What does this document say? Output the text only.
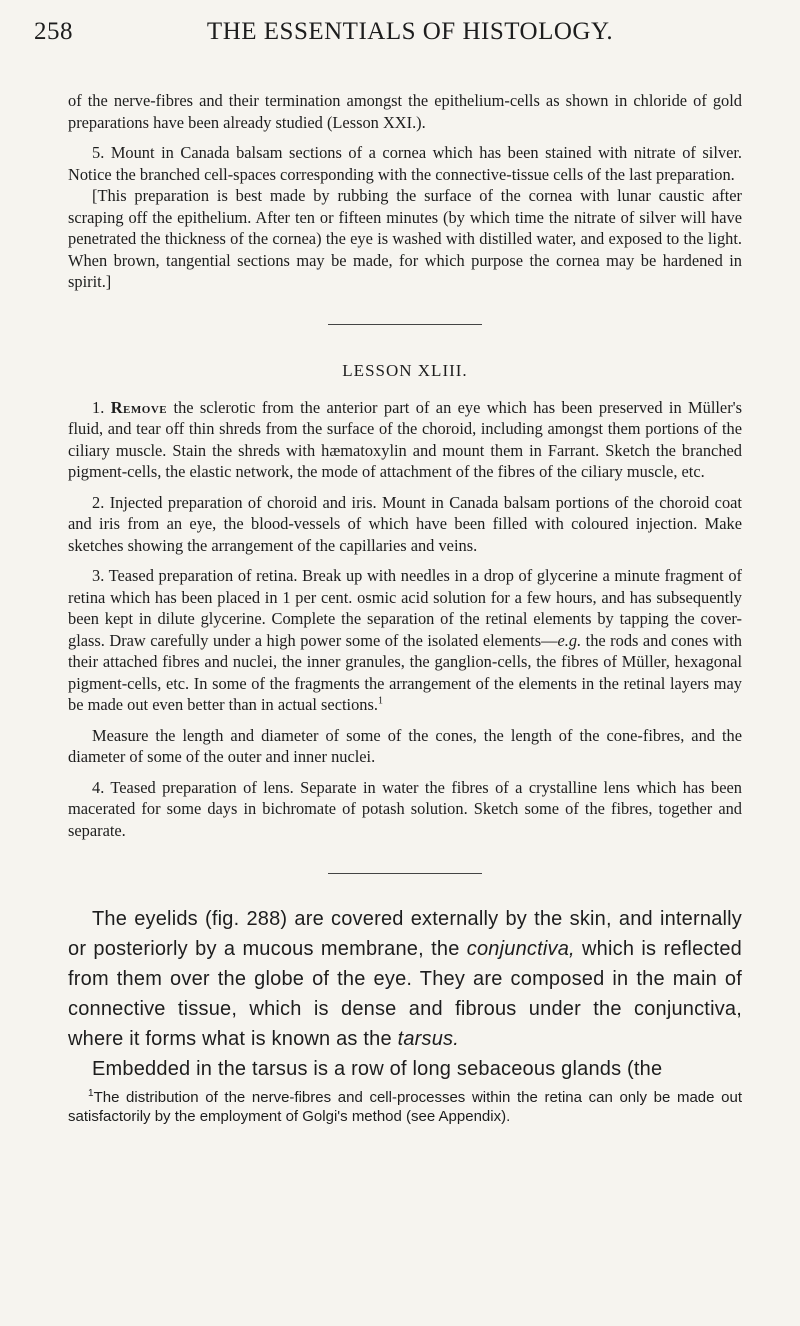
258	THE ESSENTIALS OF HISTOLOGY.

of the nerve-fibres and their termination amongst the epithelium-cells as shown in chloride of gold preparations have been already studied (Lesson XXI.).

5. Mount in Canada balsam sections of a cornea which has been stained with nitrate of silver. Notice the branched cell-spaces corresponding with the connective-tissue cells of the last preparation.

[This preparation is best made by rubbing the surface of the cornea with lunar caustic after scraping off the epithelium. After ten or fifteen minutes (by which time the nitrate of silver will have penetrated the thickness of the cornea) the eye is washed with distilled water, and exposed to the light. When brown, tangential sections may be made, for which purpose the cornea may be hardened in spirit.]

LESSON XLIII.

1. Remove the sclerotic from the anterior part of an eye which has been preserved in Müller's fluid, and tear off thin shreds from the surface of the choroid, including amongst them portions of the ciliary muscle. Stain the shreds with hæmatoxylin and mount them in Farrant. Sketch the branched pigment-cells, the elastic network, the mode of attachment of the fibres of the ciliary muscle, etc.

2. Injected preparation of choroid and iris. Mount in Canada balsam portions of the choroid coat and iris from an eye, the blood-vessels of which have been filled with coloured injection. Make sketches showing the arrangement of the capillaries and veins.

3. Teased preparation of retina. Break up with needles in a drop of glycerine a minute fragment of retina which has been placed in 1 per cent. osmic acid solution for a few hours, and has subsequently been kept in dilute glycerine. Complete the separation of the retinal elements by tapping the cover-glass. Draw carefully under a high power some of the isolated elements—e.g. the rods and cones with their attached fibres and nuclei, the inner granules, the ganglion-cells, the fibres of Müller, hexagonal pigment-cells, etc. In some of the fragments the arrangement of the elements in the retinal layers may be made out even better than in actual sections.$^1$

Measure the length and diameter of some of the cones, the length of the cone-fibres, and the diameter of some of the outer and inner nuclei.

4. Teased preparation of lens. Separate in water the fibres of a crystalline lens which has been macerated for some days in bichromate of potash solution. Sketch some of the fibres, together and separate.

The eyelids (fig. 288) are covered externally by the skin, and internally or posteriorly by a mucous membrane, the conjunctiva, which is reflected from them over the globe of the eye. They are composed in the main of connective tissue, which is dense and fibrous under the conjunctiva, where it forms what is known as the tarsus.

Embedded in the tarsus is a row of long sebaceous glands (the

$^1$The distribution of the nerve-fibres and cell-processes within the retina can only be made out satisfactorily by the employment of Golgi's method (see Appendix).
